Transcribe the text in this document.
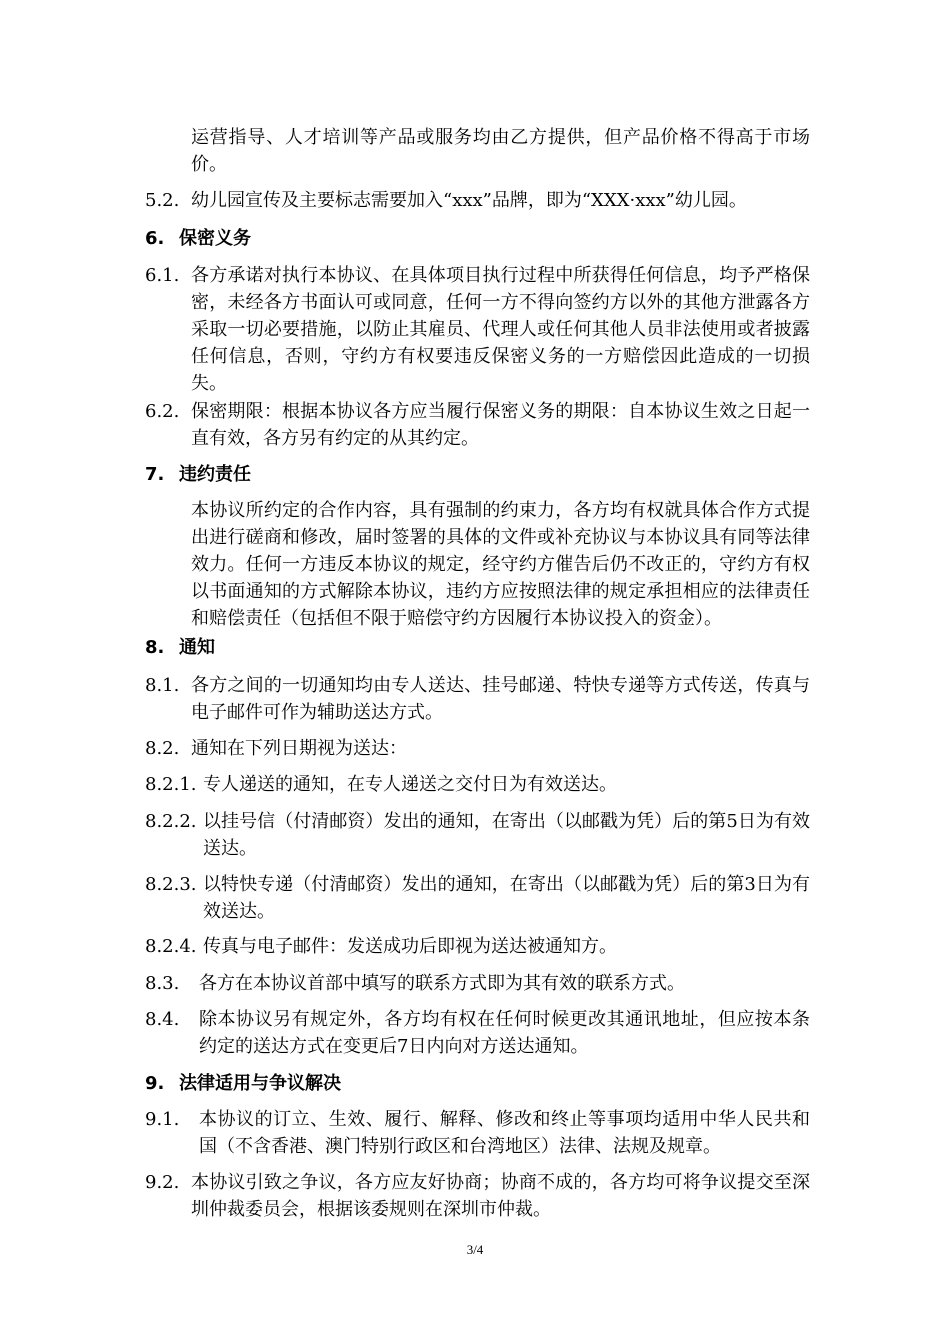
运营指导、人才培训等产品或服务均由乙方提供，但产品价格不得高于市场价。
5.2. 幼儿园宣传及主要标志需要加入“xxx”品牌，即为“XXX·xxx”幼儿园。
6. 保密义务
6.1. 各方承诺对执行本协议、在具体项目执行过程中所获得任何信息，均予严格保密，未经各方书面认可或同意，任何一方不得向签约方以外的其他方泄露各方采取一切必要措施，以防止其雇员、代理人或任何其他人员非法使用或者披露任何信息，否则，守约方有权要违反保密义务的一方赔偿因此造成的一切损失。
6.2. 保密期限：根据本协议各方应当履行保密义务的期限：自本协议生效之日起一直有效，各方另有约定的从其约定。
7. 违约责任
本协议所约定的合作内容，具有强制的约束力，各方均有权就具体合作方式提出进行磋商和修改，届时签署的具体的文件或补充协议与本协议具有同等法律效力。任何一方违反本协议的规定，经守约方催告后仍不改正的，守约方有权以书面通知的方式解除本协议，违约方应按照法律的规定承担相应的法律责任和赔偿责任（包括但不限于赔偿守约方因履行本协议投入的资金）。
8. 通知
8.1. 各方之间的一切通知均由专人送达、挂号邮递、特快专递等方式传送，传真与电子邮件可作为辅助送达方式。
8.2. 通知在下列日期视为送达：
8.2.1. 专人递送的通知，在专人递送之交付日为有效送达。
8.2.2. 以挂号信（付清邮资）发出的通知，在寄出（以邮戳为凭）后的第5日为有效送达。
8.2.3. 以特快专递（付清邮资）发出的通知，在寄出（以邮戳为凭）后的第3日为有效送达。
8.2.4. 传真与电子邮件：发送成功后即视为送达被通知方。
8.3. 各方在本协议首部中填写的联系方式即为其有效的联系方式。
8.4. 除本协议另有规定外，各方均有权在任何时候更改其通讯地址，但应按本条约定的送达方式在变更后7日内向对方送达通知。
9. 法律适用与争议解决
9.1. 本协议的订立、生效、履行、解释、修改和终止等事项均适用中华人民共和国（不含香港、澳门特别行政区和台湾地区）法律、法规及规章。
9.2. 本协议引致之争议，各方应友好协商；协商不成的，各方均可将争议提交至深圳仲裁委员会，根据该委规则在深圳市仲裁。
3/4
